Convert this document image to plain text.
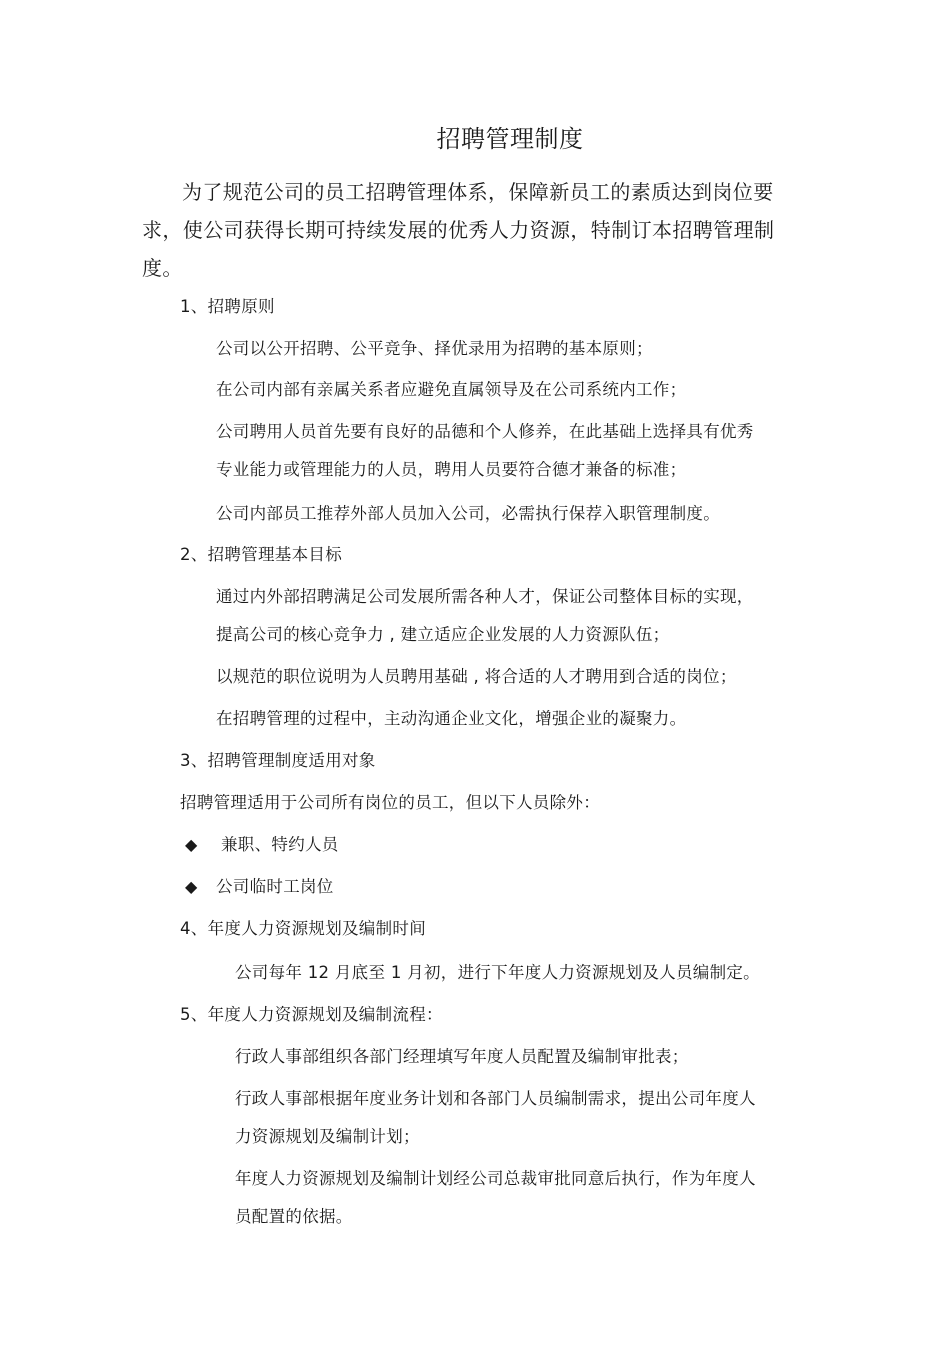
招聘管理制度

为了规范公司的员工招聘管理体系，保障新员工的素质达到岗位要求，使公司获得长期可持续发展的优秀人力资源，特制订本招聘管理制度。

1、招聘原则

公司以公开招聘、公平竞争、择优录用为招聘的基本原则；

在公司内部有亲属关系者应避免直属领导及在公司系统内工作；

公司聘用人员首先要有良好的品德和个人修养，在此基础上选择具有优秀

专业能力或管理能力的人员，聘用人员要符合德才兼备的标准；

公司内部员工推荐外部人员加入公司，必需执行保荐入职管理制度。

2、招聘管理基本目标

通过内外部招聘满足公司发展所需各种人才，保证公司整体目标的实现，

提高公司的核心竞争力 , 建立适应企业发展的人力资源队伍；

以规范的职位说明为人员聘用基础 , 将合适的人才聘用到合适的岗位；

在招聘管理的过程中，主动沟通企业文化，增强企业的凝聚力。

3、招聘管理制度适用对象

招聘管理适用于公司所有岗位的员工，但以下人员除外：

◆ 兼职、特约人员

◆ 公司临时工岗位

4、年度人力资源规划及编制时间

公司每年 12 月底至 1 月初，进行下年度人力资源规划及人员编制定。

5、年度人力资源规划及编制流程：

行政人事部组织各部门经理填写年度人员配置及编制审批表；

行政人事部根据年度业务计划和各部门人员编制需求，提出公司年度人

力资源规划及编制计划；

年度人力资源规划及编制计划经公司总裁审批同意后执行，作为年度人

员配置的依据。
